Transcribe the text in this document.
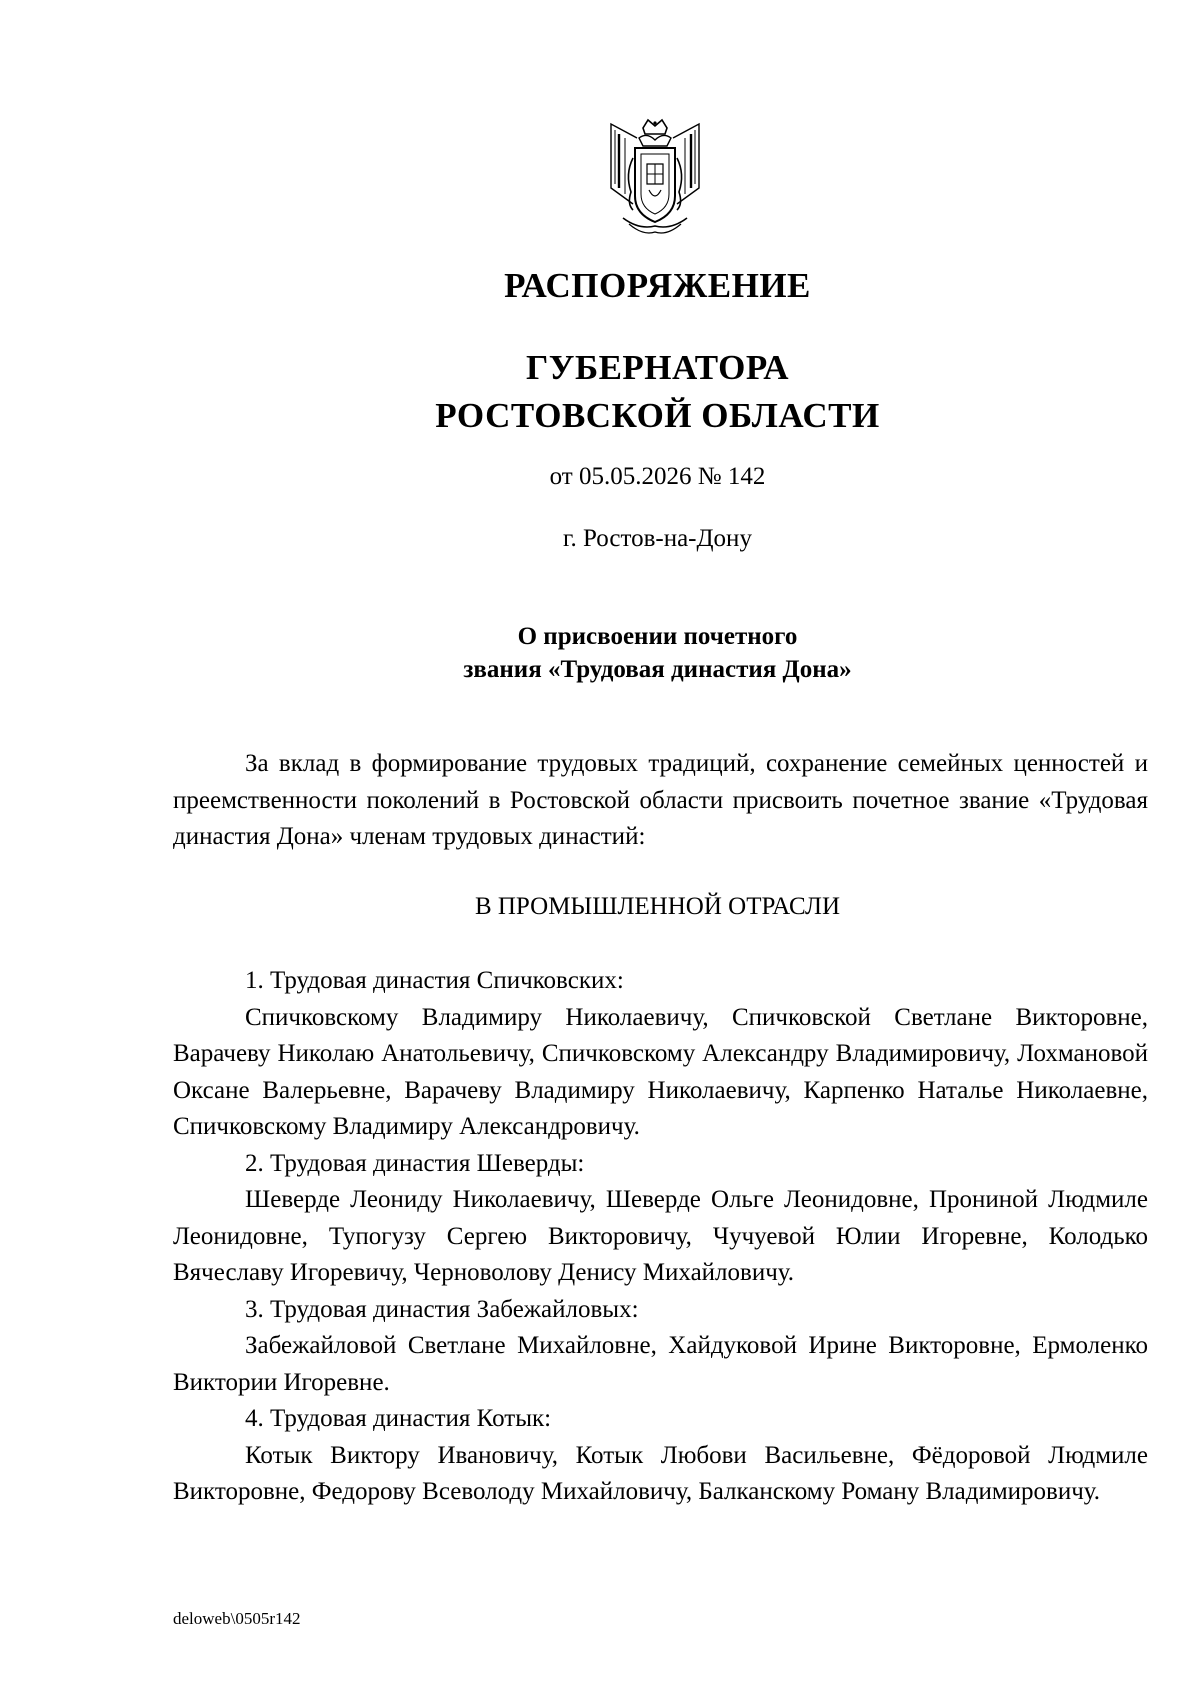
РАСПОРЯЖЕНИЕ
ГУБЕРНАТОРА
РОСТОВСКОЙ ОБЛАСТИ
от 05.05.2026 № 142
г. Ростов-на-Дону
О присвоении почетного
звания «Трудовая династия Дона»

За вклад в формирование трудовых традиций, сохранение семейных ценностей и преемственности поколений в Ростовской области присвоить почетное звание «Трудовая династия Дона» членам трудовых династий:

В ПРОМЫШЛЕННОЙ ОТРАСЛИ

1. Трудовая династия Спичковских:

Спичковскому Владимиру Николаевичу, Спичковской Светлане Викторовне, Варачеву Николаю Анатольевичу, Спичковскому Александру Владимировичу, Лохмановой Оксане Валерьевне, Варачеву Владимиру Николаевичу, Карпенко Наталье Николаевне, Спичковскому Владимиру Александровичу.

2. Трудовая династия Шеверды:

Шеверде Леониду Николаевичу, Шеверде Ольге Леонидовне, Прониной Людмиле Леонидовне, Тупогузу Сергею Викторовичу, Чучуевой Юлии Игоревне, Колодько Вячеславу Игоревичу, Черноволову Денису Михайловичу.

3. Трудовая династия Забежайловых:

Забежайловой Светлане Михайловне, Хайдуковой Ирине Викторовне, Ермоленко Виктории Игоревне.

4. Трудовая династия Котык:

Котык Виктору Ивановичу, Котык Любови Васильевне, Фёдоровой Людмиле Викторовне, Федорову Всеволоду Михайловичу, Балканскому Роману Владимировичу.

deloweb\0505r142
